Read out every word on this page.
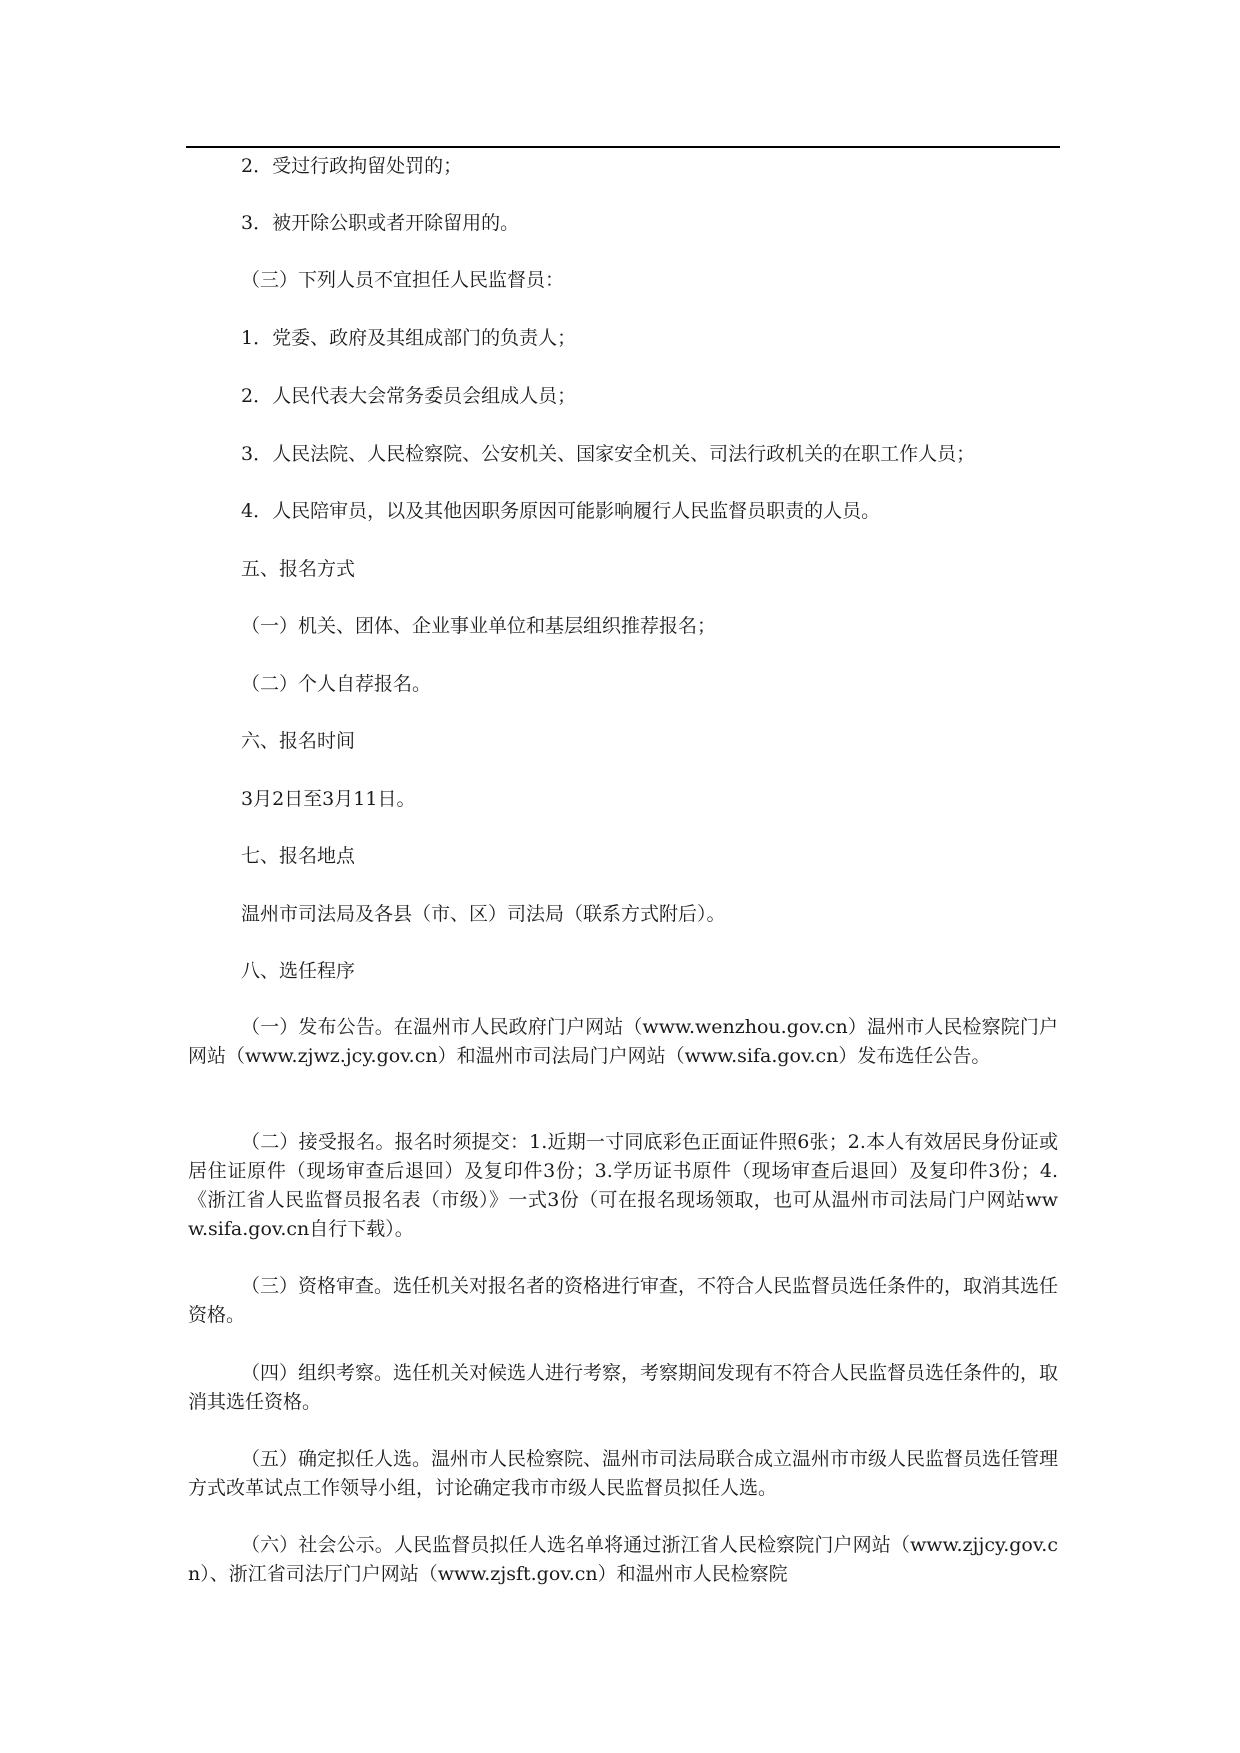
2．受过行政拘留处罚的；
3．被开除公职或者开除留用的。
（三）下列人员不宜担任人民监督员：
1．党委、政府及其组成部门的负责人；
2．人民代表大会常务委员会组成人员；
3．人民法院、人民检察院、公安机关、国家安全机关、司法行政机关的在职工作人员；
4．人民陪审员，以及其他因职务原因可能影响履行人民监督员职责的人员。
五、报名方式
（一）机关、团体、企业事业单位和基层组织推荐报名；
（二）个人自荐报名。
六、报名时间
3月2日至3月11日。
七、报名地点
温州市司法局及各县（市、区）司法局（联系方式附后）。
八、选任程序
（一）发布公告。在温州市人民政府门户网站（www.wenzhou.gov.cn）温州市人民检察院门户网站（www.zjwz.jcy.gov.cn）和温州市司法局门户网站（www.sifa.gov.cn）发布选任公告。
（二）接受报名。报名时须提交：1.近期一寸同底彩色正面证件照6张；2.本人有效居民身份证或居住证原件（现场审查后退回）及复印件3份；3.学历证书原件（现场审查后退回）及复印件3份；4.《浙江省人民监督员报名表（市级）》一式3份（可在报名现场领取，也可从温州市司法局门户网站www.sifa.gov.cn自行下载）。
（三）资格审查。选任机关对报名者的资格进行审查，不符合人民监督员选任条件的，取消其选任资格。
（四）组织考察。选任机关对候选人进行考察，考察期间发现有不符合人民监督员选任条件的，取消其选任资格。
（五）确定拟任人选。温州市人民检察院、温州市司法局联合成立温州市市级人民监督员选任管理方式改革试点工作领导小组，讨论确定我市市级人民监督员拟任人选。
（六）社会公示。人民监督员拟任人选名单将通过浙江省人民检察院门户网站（www.zjjcy.gov.cn）、浙江省司法厅门户网站（www.zjsft.gov.cn）和温州市人民检察院
